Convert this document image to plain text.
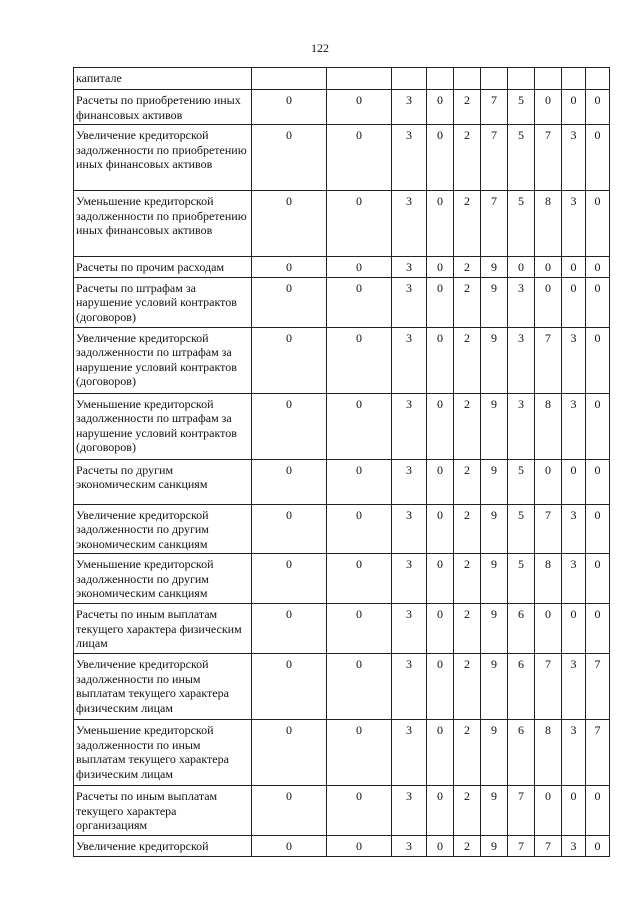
122
капитале										
Расчеты по приобретению иных финансовых активов	0	0	3	0	2	7	5	0	0	0
Увеличение кредиторской задолженности по приобретению иных финансовых активов	0	0	3	0	2	7	5	7	3	0
Уменьшение кредиторской задолженности по приобретению иных финансовых активов	0	0	3	0	2	7	5	8	3	0
Расчеты по прочим расходам	0	0	3	0	2	9	0	0	0	0
Расчеты по штрафам за нарушение условий контрактов (договоров)	0	0	3	0	2	9	3	0	0	0
Увеличение кредиторской задолженности по штрафам за нарушение условий контрактов (договоров)	0	0	3	0	2	9	3	7	3	0
Уменьшение кредиторской задолженности по штрафам за нарушение условий контрактов (договоров)	0	0	3	0	2	9	3	8	3	0
Расчеты по другим экономическим санкциям	0	0	3	0	2	9	5	0	0	0
Увеличение кредиторской задолженности по другим экономическим санкциям	0	0	3	0	2	9	5	7	3	0
Уменьшение кредиторской задолженности по другим экономическим санкциям	0	0	3	0	2	9	5	8	3	0
Расчеты по иным выплатам текущего характера физическим лицам	0	0	3	0	2	9	6	0	0	0
Увеличение кредиторской задолженности по иным выплатам текущего характера физическим лицам	0	0	3	0	2	9	6	7	3	7
Уменьшение кредиторской задолженности по иным выплатам текущего характера физическим лицам	0	0	3	0	2	9	6	8	3	7
Расчеты по иным выплатам текущего характера организациям	0	0	3	0	2	9	7	0	0	0
Увеличение кредиторской	0	0	3	0	2	9	7	7	3	0
